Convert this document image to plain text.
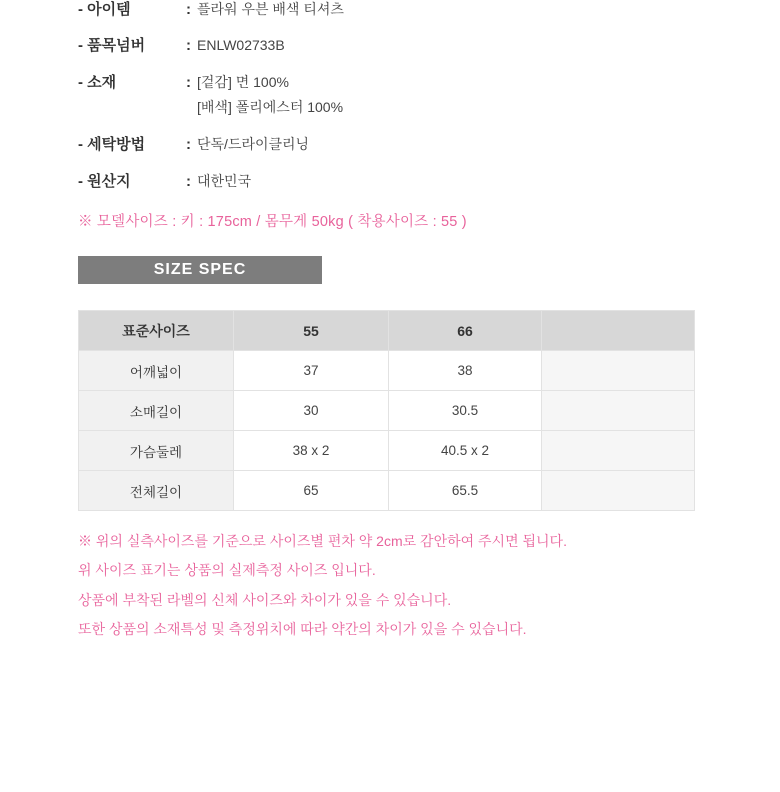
- 아이템	: 플라워 우븐 배색 티셔츠
- 품목넘버	: ENLW02733B
- 소재	: [겉감] 면 100%
[배색] 폴리에스터 100%
- 세탁방법	: 단독/드라이클리닝
- 원산지	: 대한민국
※ 모델사이즈 : 키 : 175cm / 몸무게 50kg ( 착용사이즈 : 55 )
SIZE SPEC
표준사이즈	55	66	
어깨넓이	37	38	
소매길이	30	30.5	
가슴둘레	38 x 2	40.5 x 2	
전체길이	65	65.5	

※ 위의 실측사이즈를 기준으로 사이즈별 편차 약 2cm로 감안하여 주시면 됩니다.

위 사이즈 표기는 상품의 실제측정 사이즈 입니다.

상품에 부착된 라벨의 신체 사이즈와 차이가 있을 수 있습니다.

또한 상품의 소재특성 및 측정위치에 따라 약간의 차이가 있을 수 있습니다.
